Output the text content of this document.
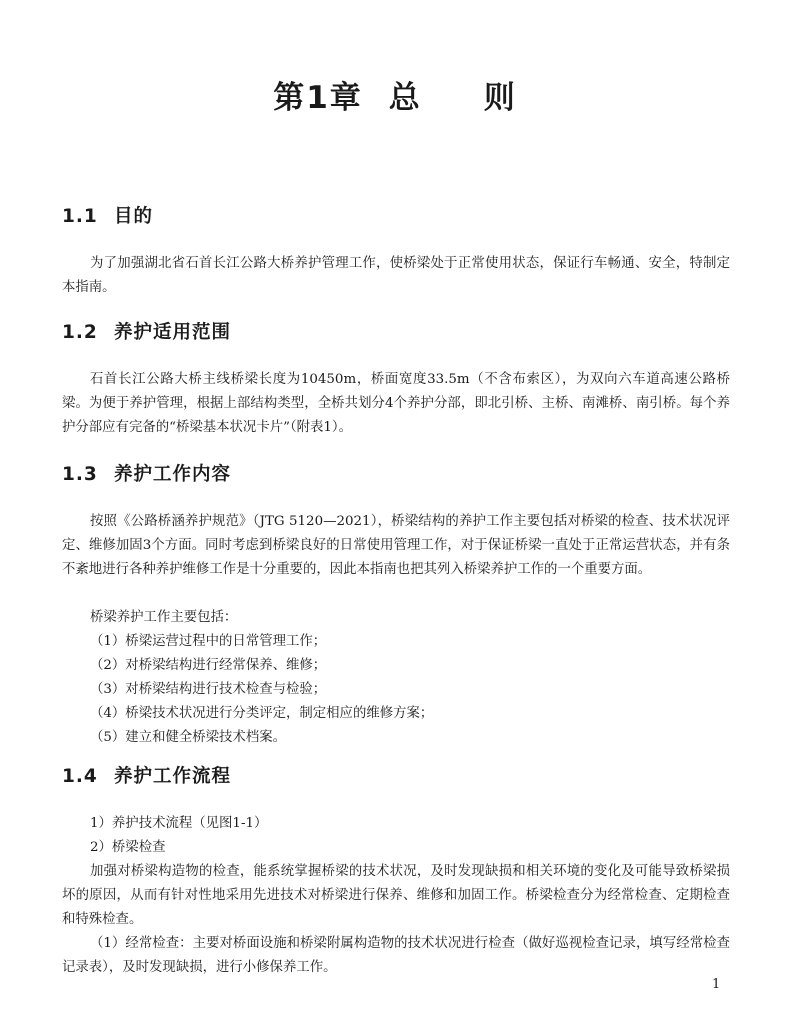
第1章 总 则
1.1 目的

为了加强湖北省石首长江公路大桥养护管理工作，使桥梁处于正常使用状态，保证行车畅通、安全，特制定本指南。

1.2 养护适用范围

石首长江公路大桥主线桥梁长度为10450m，桥面宽度33.5m（不含布索区），为双向六车道高速公路桥梁。为便于养护管理，根据上部结构类型，全桥共划分4个养护分部，即北引桥、主桥、南滩桥、南引桥。每个养护分部应有完备的“桥梁基本状况卡片”（附表1）。

1.3 养护工作内容

按照《公路桥涵养护规范》（JTG 5120—2021），桥梁结构的养护工作主要包括对桥梁的检查、技术状况评定、维修加固3个方面。同时考虑到桥梁良好的日常使用管理工作，对于保证桥梁一直处于正常运营状态，并有条不紊地进行各种养护维修工作是十分重要的，因此本指南也把其列入桥梁养护工作的一个重要方面。

桥梁养护工作主要包括：

（1）桥梁运营过程中的日常管理工作；

（2）对桥梁结构进行经常保养、维修；

（3）对桥梁结构进行技术检查与检验；

（4）桥梁技术状况进行分类评定，制定相应的维修方案；

（5）建立和健全桥梁技术档案。

1.4 养护工作流程

1）养护技术流程（见图1-1）

2）桥梁检查

加强对桥梁构造物的检查，能系统掌握桥梁的技术状况，及时发现缺损和相关环境的变化及可能导致桥梁损坏的原因，从而有针对性地采用先进技术对桥梁进行保养、维修和加固工作。桥梁检查分为经常检查、定期检查和特殊检查。

（1）经常检查：主要对桥面设施和桥梁附属构造物的技术状况进行检查（做好巡视检查记录，填写经常检查记录表），及时发现缺损，进行小修保养工作。

1
